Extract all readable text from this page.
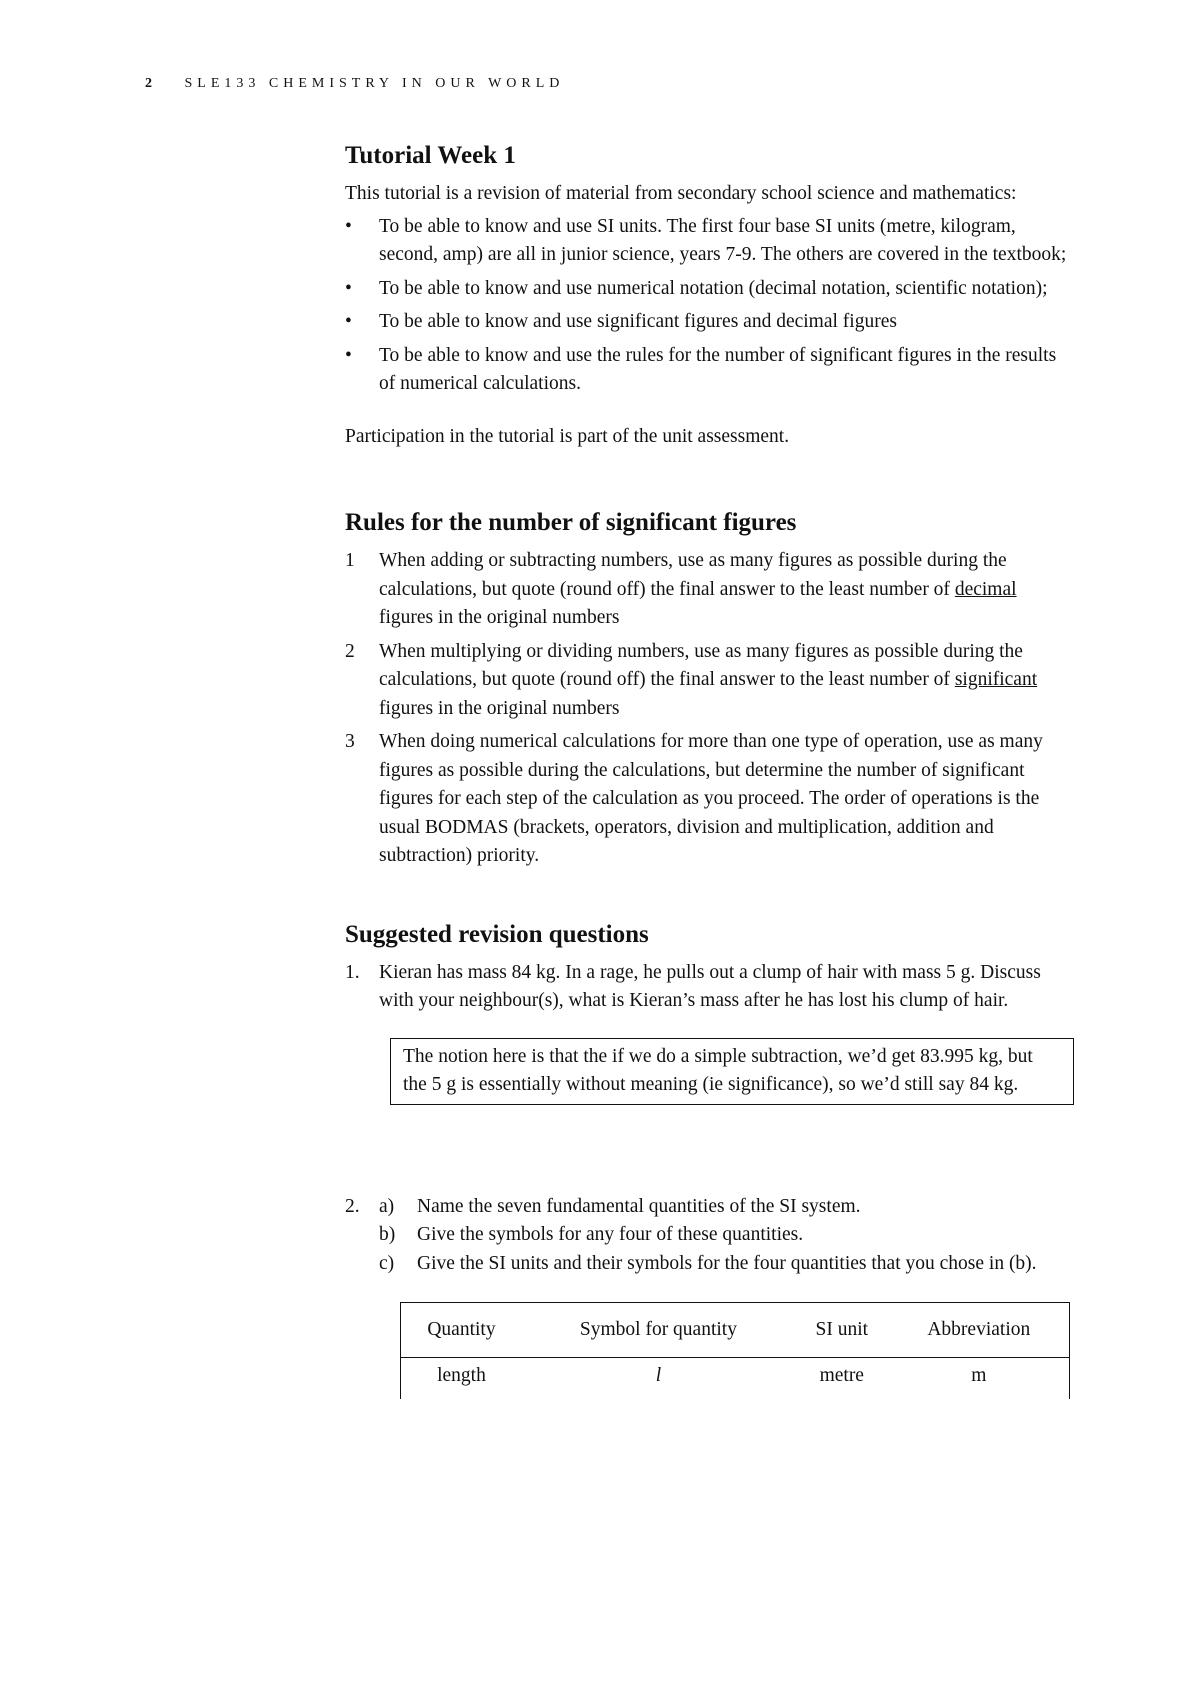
2 SLE133 CHEMISTRY IN OUR WORLD
Tutorial Week 1

This tutorial is a revision of material from secondary school science and mathematics:

• To be able to know and use SI units. The first four base SI units (metre, kilogram, second, amp) are all in junior science, years 7-9. The others are covered in the textbook;
• To be able to know and use numerical notation (decimal notation, scientific notation);
• To be able to know and use significant figures and decimal figures
• To be able to know and use the rules for the number of significant figures in the results of numerical calculations.

Participation in the tutorial is part of the unit assessment.

Rules for the number of significant figures
1 When adding or subtracting numbers, use as many figures as possible during the calculations, but quote (round off) the final answer to the least number of decimal figures in the original numbers
2 When multiplying or dividing numbers, use as many figures as possible during the calculations, but quote (round off) the final answer to the least number of significant figures in the original numbers
3 When doing numerical calculations for more than one type of operation, use as many figures as possible during the calculations, but determine the number of significant figures for each step of the calculation as you proceed. The order of operations is the usual BODMAS (brackets, operators, division and multiplication, addition and subtraction) priority.
Suggested revision questions
1. Kieran has mass 84 kg. In a rage, he pulls out a clump of hair with mass 5 g. Discuss with your neighbour(s), what is Kieran’s mass after he has lost his clump of hair.
The notion here is that the if we do a simple subtraction, we’d get 83.995 kg, but the 5 g is essentially without meaning (ie significance), so we’d still say 84 kg.
2. a) Name the seven fundamental quantities of the SI system.
b) Give the symbols for any four of these quantities.
c) Give the SI units and their symbols for the four quantities that you chose in (b).
Quantity	Symbol for quantity	SI unit	Abbreviation
length	l	metre	m
